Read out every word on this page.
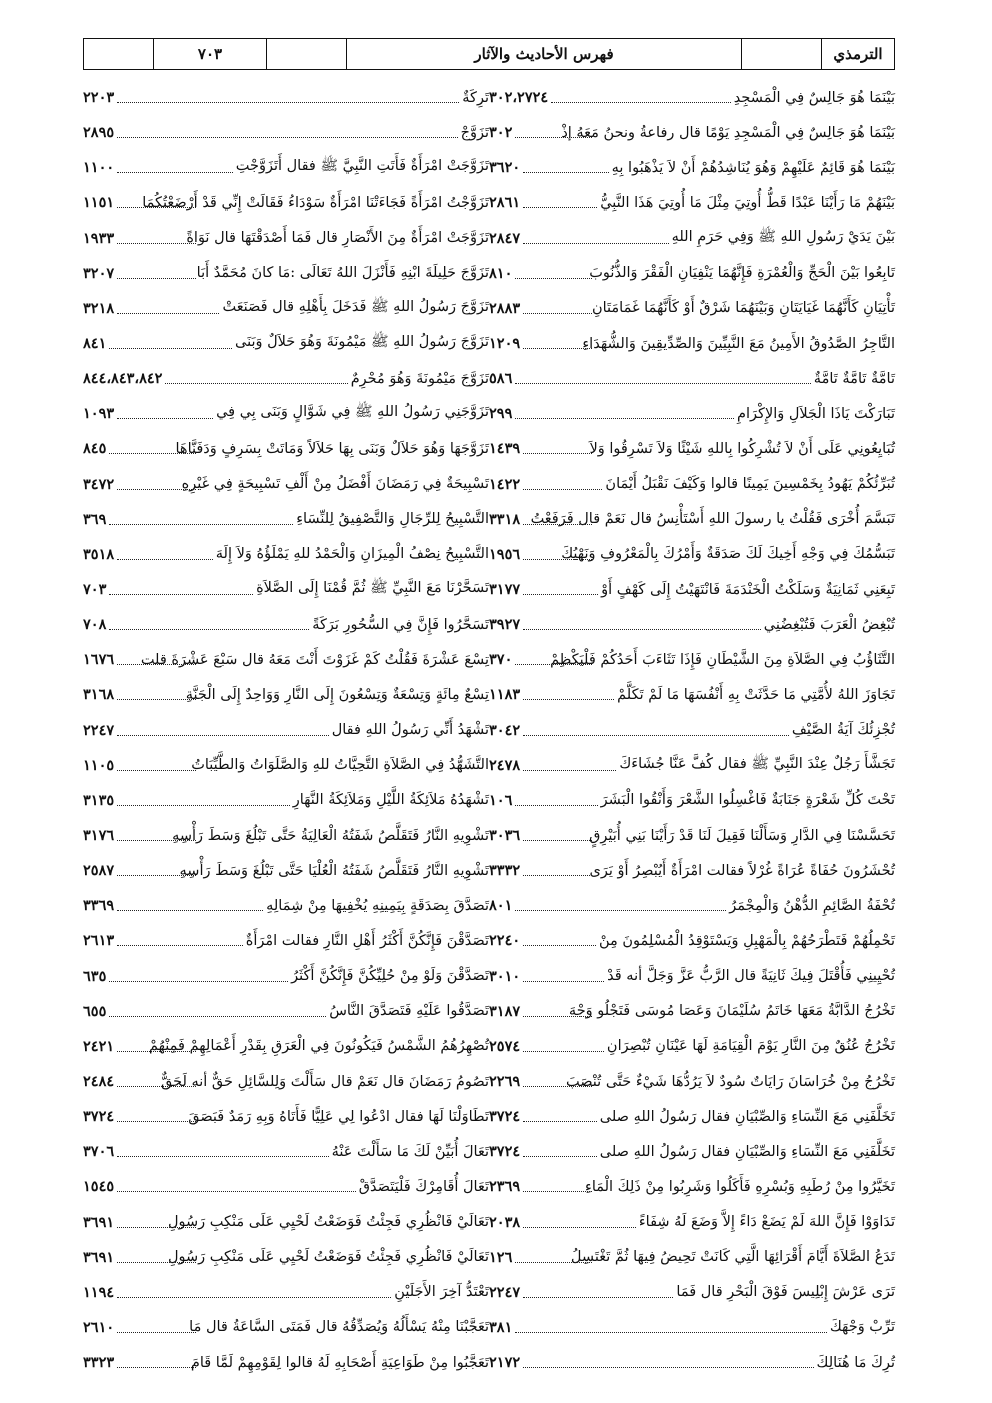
الترمذي
فهرس الأحاديث والآثار
٧٠٣
بَيْنَمَا هُوَ جَالِسٌ فِي الْمَسْجِدِ
٣٠٢،٢٧٢٤
بَيْنَمَا هُوَ جَالِسٌ فِي الْمَسْجِدِ يَوْمًا قال رفاعةُ ونحنُ مَعَهُ إذْ
٣٠٢
بَيْنَمَا هُوَ قَائِمٌ عَلَيْهِمْ وَهُوَ يُنَاشِدُهُمْ أَنْ لاَ يَذْهَبُوا بِهِ
٣٦٢٠
بَيْنَهُمْ مَا رَأَيْنَا عَبْدًا قَطُّ أُوتِيَ مِثْلَ مَا أُوتِيَ هَذَا النَّبِيُّ
٢٨٦١
بَيْنَ يَدَيْ رَسُولِ اللهِ ﷺ وَفِي حَرَمِ اللهِ
٢٨٤٧
تَابِعُوا بَيْنَ الْحَجِّ وَالْعُمْرَةِ فَإِنَّهُمَا يَنْفِيَانِ الْفَقْرَ وَالذُّنُوبَ
٨١٠
تَأْتِيَانِ كَأَنَّهُمَا غَيَايَتَانِ وَبَيْنَهُمَا شَرْقٌ أَوْ كَأَنَّهُمَا غَمَامَتَانِ
٢٨٨٣
التَّاجِرُ الصَّدُوقُ الأَمِينُ مَعَ النَّبِيِّينَ وَالصِّدِّيقِينَ وَالشُّهَدَاءِ
١٢٠٩
تَامَّةٌ تَامَّةٌ تَامَّةٌ
٥٨٦
تَبَارَكْتَ يَاذَا الْجَلاَلِ وَالإِكْرَامِ
٢٩٩
تُبَايِعُونِي عَلَى أَنْ لاَ تُشْرِكُوا بِاللهِ شَيْئًا وَلاَ تَسْرِقُوا وَلاَ
١٤٣٩
تُبَرِّئُكُمْ يَهُودُ بِخَمْسِينَ يَمِينًا قالوا وَكَيْفَ نَقْبَلُ أَيْمَانَ
١٤٢٢
تَبَسَّمَ أُخْرَى فَقُلْتُ يا رسولَ اللهِ أَسْتَأْنِسُ قال نَعَمْ قال فَرَفَعْتُ
٣٣١٨
تَبَسُّمُكَ فِي وَجْهِ أَخِيكَ لَكَ صَدَقَةٌ وَأَمْرُكَ بِالْمَعْرُوفِ وَنَهْيُكَ
١٩٥٦
تَبِعَنِي ثَمَانِيَةٌ وَسَلَكْتُ الْخَنْدَمَةَ فَانْتَهَيْتُ إِلَى كَهْفٍ أَوْ
٣١٧٧
تُبْغِضُ الْعَرَبَ فَتُبْغِضُنِي
٣٩٢٧
التَّثَاؤُبُ فِي الصَّلاَةِ مِنَ الشَّيْطَانِ فَإِذَا تَثَاءَبَ أَحَدُكُمْ فَلْيَكْظِمْ
٣٧٠
تَجَاوَزَ اللهُ لأُمَّتِي مَا حَدَّثَتْ بِهِ أَنْفُسَهَا مَا لَمْ تَكَلَّمْ
١١٨٣
تُجْزِئُكَ آيَةُ الصَّيْفِ
٣٠٤٢
تَجَشَّأَ رَجُلٌ عِنْدَ النَّبِيِّ ﷺ فقال كُفَّ عَنَّا جُشَاءَكَ
٢٤٧٨
تَحْتَ كُلِّ شَعْرَةٍ جَنَابَةٌ فَاغْسِلُوا الشَّعْرَ وَأَنْقُوا الْبَشَرَ
١٠٦
تَحَسَّسْنَا فِي الدَّارِ وَسَأَلْنَا فَقِيلَ لَنَا قَدْ رَأَيْنَا بَنِي أُبَيْرِقٍ
٣٠٣٦
تُحْشَرُونَ حُفَاةً عُرَاةً غُرْلاً فقالت امْرَأَةٌ أَيُبْصِرُ أَوْ يَرَى
٣٣٣٢
تُحْفَةُ الصَّائِمِ الدُّهْنُ وَالْمِجْمَرُ
٨٠١
تَحْمِلُهُمْ فَتَطْرَحُهُمْ بِالْمَهْبِلِ وَيَسْتَوْقِدُ الْمُسْلِمُونَ مِنْ
٢٢٤٠
تُحْيِينِي فَأُقْتَلَ فِيكَ ثَانِيَةً قال الرَّبُّ عَزَّ وَجَلَّ أنه قَدْ
٣٠١٠
تَخْرُجُ الدَّابَّةُ مَعَهَا خَاتَمُ سُلَيْمَانَ وَعَصَا مُوسَى فَتَجْلُو وَجْهَ
٣١٨٧
تَخْرُجُ عُنُقٌ مِنَ النَّارِ يَوْمَ الْقِيَامَةِ لَهَا عَيْنَانِ تُبْصِرَانِ
٢٥٧٤
تَخْرُجُ مِنْ خُرَاسَانَ رَايَاتٌ سُودٌ لاَ يَرُدُّهَا شَيْءٌ حَتَّى تُنْصَبَ
٢٢٦٩
تَخَلَّفَنِي مَعَ النِّسَاءِ وَالصِّبْيَانِ فقال رَسُولُ اللهِ صلى
٣٧٢٤
تَخَلَّفَنِي مَعَ النِّسَاءِ وَالصِّبْيَانِ فقال رَسُولُ اللهِ صلى
٣٧٢٤
تَخَيَّرُوا مِنْ رُطَبِهِ وَبُسْرِهِ فَأَكَلُوا وَشَرِبُوا مِنْ ذَلِكَ الْمَاءِ
٢٣٦٩
تَدَاوَوْا فَإِنَّ اللهَ لَمْ يَضَعْ دَاءً إِلاَّ وَضَعَ لَهُ شِفَاءً
٢٠٣٨
تَدَعُ الصَّلاَةَ أَيَّامَ أَقْرَائِهَا الَّتِي كَانَتْ تَحِيضُ فِيهَا ثُمَّ تَغْتَسِلُ
١٢٦
تَرَى عَرْشَ إِبْلِيسَ فَوْقَ الْبَحْرِ قال فَمَا
٢٢٤٧
تَرِّبْ وَجْهَكَ
٣٨١
تُرِكَ مَا هُنَالِكَ
٢١٧٢
تَرِكَةٌ
٢٢٠٣
تَزَوَّجْ
٢٨٩٥
تَزَوَّجَتْ امْرَأَةٌ فَأَتَتِ النَّبِيَّ ﷺ فقال أَتَزَوَّجْتِ
١١٠٠
تَزَوَّجْتُ امْرَأَةً فَجَاءَتْنَا امْرَأَةٌ سَوْدَاءُ فَقَالَتْ إِنِّي قَدْ أَرْضَعْتُكُمَا
١١٥١
تَزَوَّجَتْ امْرَأَةٌ مِنَ الأَنْصَارِ قال فَمَا أَصْدَقْتَهَا قال نَوَاةً
١٩٣٣
تَزَوَّجَ حَلِيلَةَ ابْنِهِ فَأَنْزَلَ اللهُ تَعَالَى :مَا كانَ مُحَمَّدٌ أَبَا
٣٢٠٧
تَزَوَّجَ رَسُولُ اللهِ ﷺ فَدَخَلَ بِأَهْلِهِ قال فَصَنَعَتْ
٣٢١٨
تَزَوَّجَ رَسُولُ اللهِ ﷺ مَيْمُونَةَ وَهُوَ حَلاَلٌ وَبَنَى
٨٤١
تَزَوَّجَ مَيْمُونَةَ وَهُوَ مُحْرِمٌ
٨٤٤،٨٤٣،٨٤٢
تَزَوَّجَنِي رَسُولُ اللهِ ﷺ فِي شَوَّالٍ وَبَنَى بِي فِي
١٠٩٣
تَزَوَّجَهَا وَهُوَ حَلاَلٌ وَبَنَى بِهَا حَلاَلاً وَمَاتَتْ بِسَرِفٍ وَدَفَنَّاهَا
٨٤٥
تَسْبِيحَةٌ فِي رَمَضَانَ أَفْضَلُ مِنْ أَلْفِ تَسْبِيحَةٍ فِي غَيْرِهِ
٣٤٧٢
التَّسْبِيحُ لِلرِّجَالِ وَالتَّصْفِيقُ لِلنِّسَاءِ
٣٦٩
التَّسْبِيحُ نِصْفُ الْمِيزَانِ وَالْحَمْدُ للهِ يَمْلَؤُهُ وَلاَ إِلَهَ
٣٥١٨
تَسَحَّرْنَا مَعَ النَّبِيِّ ﷺ ثُمَّ قُمْنَا إِلَى الصَّلاَةِ
٧٠٣
تَسَحَّرُوا فَإِنَّ فِي السُّحُورِ بَرَكَةً
٧٠٨
تِسْعَ عَشْرَةَ فَقُلْتُ كَمْ غَزَوْتَ أَنْتَ مَعَهُ قال سَبْعَ عَشْرَةَ قلت
١٦٧٦
تِسْعٌ مِائَةٍ وَتِسْعَةٌ وَتِسْعُونَ إِلَى النَّارِ وَوَاحِدٌ إِلَى الْجَنَّةِ
٣١٦٨
تَشْهَدُ أَنِّي رَسُولُ اللهِ فقال
٢٢٤٧
التَّشَهُّدُ فِي الصَّلاَةِ التَّحِيَّاتُ للهِ وَالصَّلَوَاتُ وَالطَّيِّبَاتُ
١١٠٥
تَشْهَدُهُ مَلاَئِكَةُ اللَّيْلِ وَمَلاَئِكَةُ النَّهَارِ
٣١٣٥
تَشْوِيهِ النَّارُ فَتَقَلَّصُ شَفَتُهُ الْعَالِيَةُ حَتَّى تَبْلُغَ وَسَطَ رَأْسِهِ
٣١٧٦
تَشْوِيهِ النَّارُ فَتَقَلَّصُ شَفَتُهُ الْعُلْيَا حَتَّى تَبْلُغَ وَسَطَ رَأْسِهِ
٢٥٨٧
تَصَدَّقَ بِصَدَقَةٍ بِيَمِينِهِ يُخْفِيهَا مِنْ شِمَالِهِ
٣٣٦٩
تَصَدَّقْنَ فَإِنَّكُنَّ أَكْثَرُ أَهْلِ النَّارِ فقالت امْرَأَةٌ
٢٦١٣
تَصَدَّقْنَ وَلَوْ مِنْ حُلِيِّكُنَّ فَإِنَّكُنَّ أَكْثَرُ
٦٣٥
تَصَدَّقُوا عَلَيْهِ فَتَصَدَّقَ النَّاسُ
٦٥٥
تُصْهِرُهُمُ الشَّمْسُ فَيَكُونُونَ فِي الْعَرَقِ بِقَدْرِ أَعْمَالِهِمْ فَمِنْهُمْ
٢٤٢١
تَصُومُ رَمَضَانَ قال نَعَمْ قال سَأَلْتَ وَلِلسَّائِلِ حَقٌّ أنه لَحَقٌّ
٢٤٨٤
تَطَاوَلْنَا لَهَا فقال ادْعُوا لِي عَلِيًّا فَأَتَاهُ وَبِهِ رَمَدٌ فَبَصَقَ
٣٧٢٤
تَعَالَ أُبَيِّنْ لَكَ مَا سَأَلْتَ عَنْهُ
٣٧٠٦
تَعَالَ أُقَامِرْكَ فَلْيَتَصَدَّقْ
١٥٤٥
تَعَالَيْ فَانْظُرِي فَجِئْتُ فَوَضَعْتُ لَحْيِي عَلَى مَنْكِبِ رَسُولِ
٣٦٩١
تَعَالَيْ فَانْظُرِي فَجِئْتُ فَوَضَعْتُ لَحْيِي عَلَى مَنْكِبِ رَسُولِ
٣٦٩١
تَعْتَدُّ آخِرَ الأَجَلَيْنِ
١١٩٤
تَعَجَّبْنَا مِنْهُ يَسْأَلُهُ وَيُصَدِّقُهُ قال فَمَتَى السَّاعَةُ قال مَا
٢٦١٠
تَعَجَّبُوا مِنْ طَوَاعِيَةِ أَصْحَابِهِ لَهُ قالوا لِقَوْمِهِمْ لَمَّا قَامَ
٣٣٢٣
